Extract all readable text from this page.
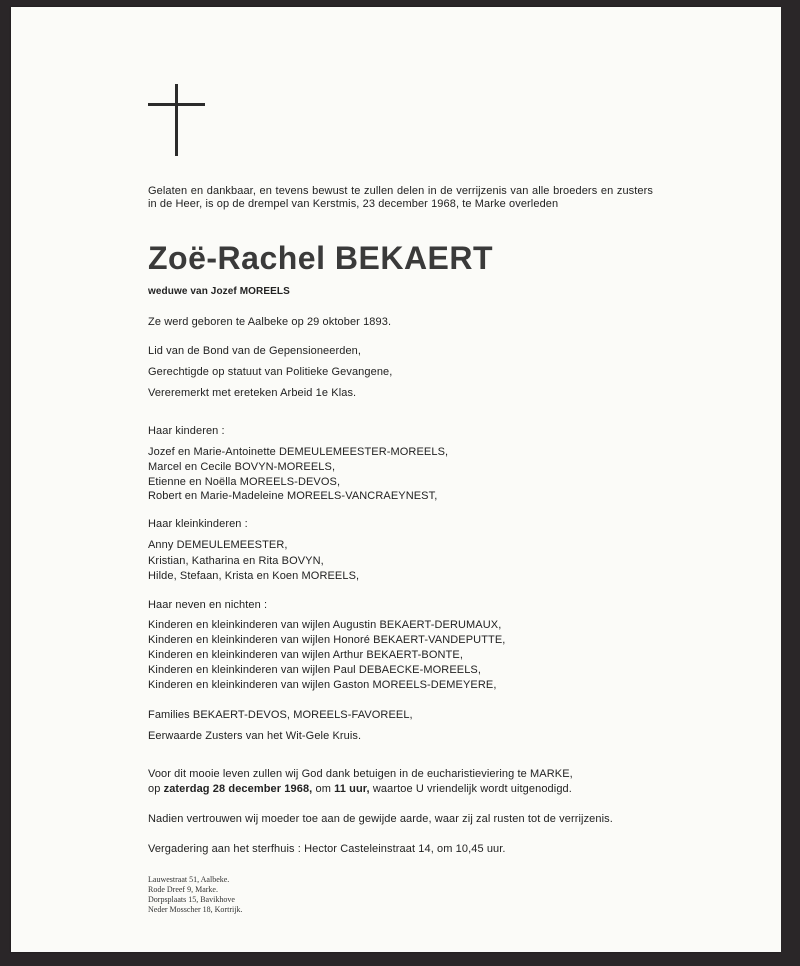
Gelaten en dankbaar, en tevens bewust te zullen delen in de verrijzenis van alle broeders en zusters in de Heer, is op de drempel van Kerstmis, 23 december 1968, te Marke overleden
Zoë-Rachel BEKAERT
weduwe van Jozef MOREELS
Ze werd geboren te Aalbeke op 29 oktober 1893.
Lid van de Bond van de Gepensioneerden,
Gerechtigde op statuut van Politieke Gevangene,
Vereremerkt met ereteken Arbeid 1e Klas.
Haar kinderen :
Jozef en Marie-Antoinette DEMEULEMEESTER-MOREELS,
Marcel en Cecile BOVYN-MOREELS,
Etienne en Noëlla MOREELS-DEVOS,
Robert en Marie-Madeleine MOREELS-VANCRAEYNEST,
Haar kleinkinderen :
Anny DEMEULEMEESTER,
Kristian, Katharina en Rita BOVYN,
Hilde, Stefaan, Krista en Koen MOREELS,
Haar neven en nichten :
Kinderen en kleinkinderen van wijlen Augustin BEKAERT-DERUMAUX,
Kinderen en kleinkinderen van wijlen Honoré BEKAERT-VANDEPUTTE,
Kinderen en kleinkinderen van wijlen Arthur BEKAERT-BONTE,
Kinderen en kleinkinderen van wijlen Paul DEBAECKE-MOREELS,
Kinderen en kleinkinderen van wijlen Gaston MOREELS-DEMEYERE,
Families BEKAERT-DEVOS, MOREELS-FAVOREEL,
Eerwaarde Zusters van het Wit-Gele Kruis.
Voor dit mooie leven zullen wij God dank betuigen in de eucharistieviering te MARKE,
op zaterdag 28 december 1968, om 11 uur, waartoe U vriendelijk wordt uitgenodigd.
Nadien vertrouwen wij moeder toe aan de gewijde aarde, waar zij zal rusten tot de verrijzenis.
Vergadering aan het sterfhuis : Hector Casteleinstraat 14, om 10,45 uur.
Lauwestraat 51, Aalbeke.
Rode Dreef 9, Marke.
Dorpsplaats 15, Bavikhove
Neder Mosscher 18, Kortrijk.
